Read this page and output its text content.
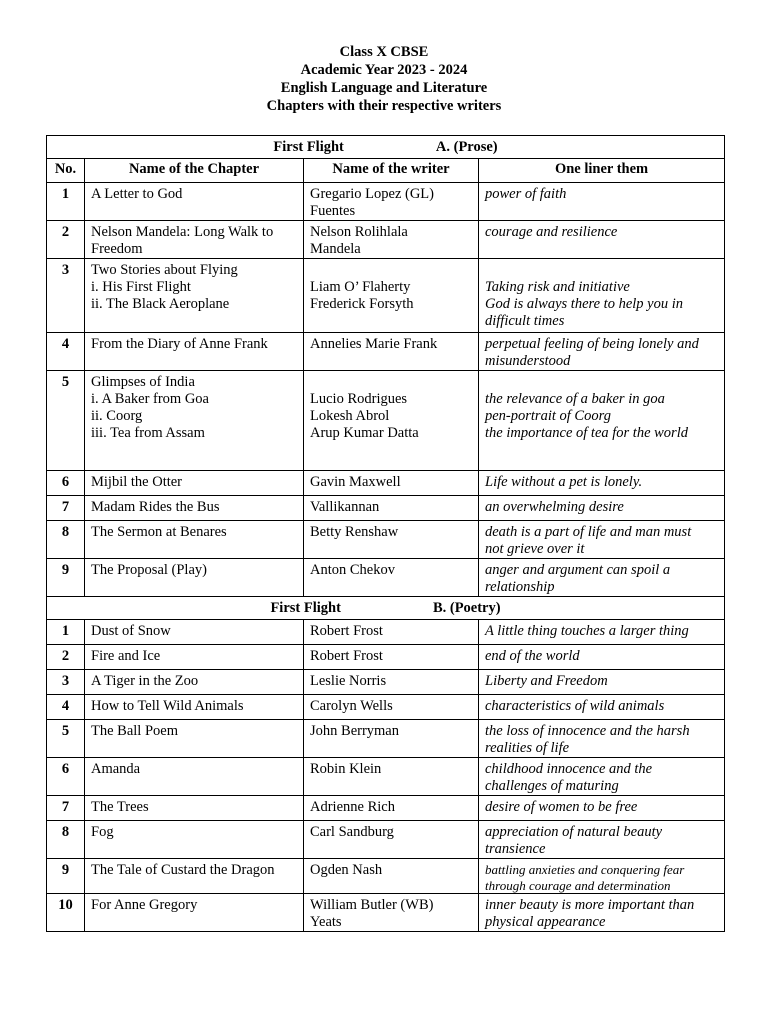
Class X CBSE
Academic Year 2023 - 2024
English Language and Literature
Chapters with their respective writers
First Flight A. (Prose)			
No.	Name of the Chapter	Name of the writer	One liner them
1	A Letter to God	Gregario Lopez (GL)
Fuentes	power of faith

2	Nelson Mandela: Long Walk to
Freedom	Nelson Rolihlala
Mandela	courage and resilience

3	Two Stories about Flying
i. His First Flight
ii. The Black Aeroplane	Liam O’ Flaherty
Frederick Forsyth	Taking risk and initiative
God is always there to help you in
difficult times

4	From the Diary of Anne Frank	Annelies Marie Frank	perpetual feeling of being lonely and
misunderstood

5	Glimpses of India
i. A Baker from Goa
ii. Coorg
iii. Tea from Assam	Lucio Rodrigues
Lokesh Abrol
Arup Kumar Datta	the relevance of a baker in goa
pen-portrait of Coorg
the importance of tea for the world

6	Mijbil the Otter	Gavin Maxwell	Life without a pet is lonely.

7	Madam Rides the Bus	Vallikannan	an overwhelming desire

8	The Sermon at Benares	Betty Renshaw	death is a part of life and man must
not grieve over it

9	The Proposal (Play)	Anton Chekov	anger and argument can spoil a
relationship

First Flight B. (Poetry)			
1	Dust of Snow	Robert Frost	A little thing touches a larger thing

2	Fire and Ice	Robert Frost	end of the world

3	A Tiger in the Zoo	Leslie Norris	Liberty and Freedom

4	How to Tell Wild Animals	Carolyn Wells	characteristics of wild animals

5	The Ball Poem	John Berryman	the loss of innocence and the harsh
realities of life

6	Amanda	Robin Klein	childhood innocence and the
challenges of maturing

7	The Trees	Adrienne Rich	desire of women to be free

8	Fog	Carl Sandburg	appreciation of natural beauty
transience

9	The Tale of Custard the Dragon	Ogden Nash	battling anxieties and conquering fear
through courage and determination

10	For Anne Gregory	William Butler (WB)
Yeats	inner beauty is more important than
physical appearance
